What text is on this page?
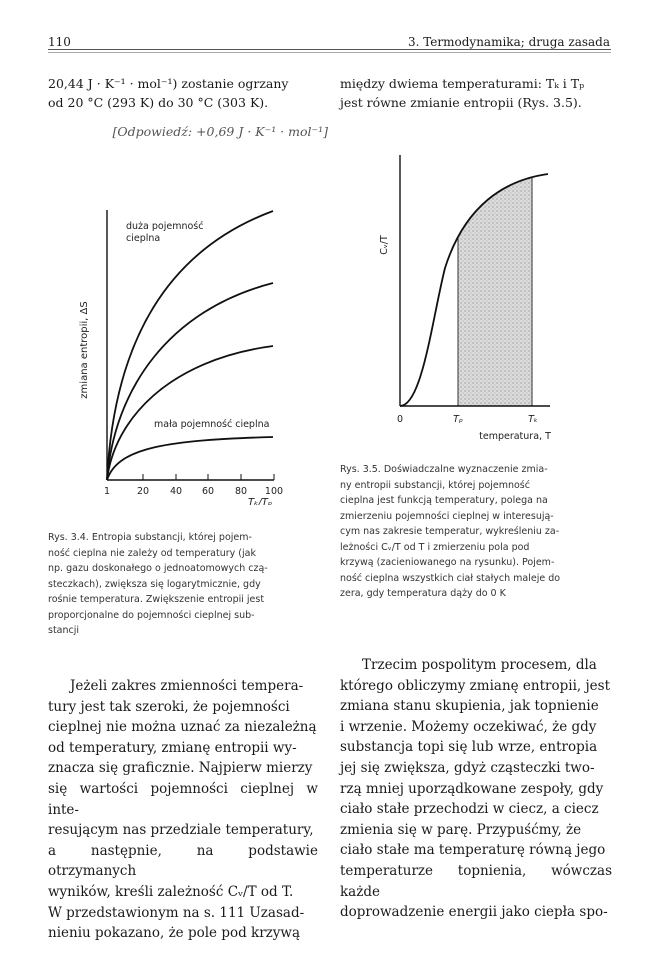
110	3. Termodynamika; druga zasada
20,44 J · K⁻¹ · mol⁻¹) zostanie ogrzany
od 20 °C (293 K) do 30 °C (303 K).
[Odpowiedź: +0,69 J · K⁻¹ · mol⁻¹]
między dwiema temperaturami: Tₖ i Tₚ
jest równe zmianie entropii (Rys. 3.5).
duża pojemność
cieplna
mała pojemność cieplna
zmiana entropii, ΔS
1	20 40 60 80 100
Tₖ/Tₚ
Rys. 3.4. Entropia substancji, której pojem-
ność cieplna nie zależy od temperatury (jak
np. gazu doskonałego o jednoatomowych czą-
steczkach), zwiększa się logarytmicznie, gdy
rośnie temperatura. Zwiększenie entropii jest
proporcjonalne do pojemności cieplnej sub-
stancji
Cᵥ/T
0	Tₚ	Tₖ
temperatura, T
Rys. 3.5. Doświadczalne wyznaczenie zmia-
ny entropii substancji, której pojemność
cieplna jest funkcją temperatury, polega na
zmierzeniu pojemności cieplnej w interesują-
cym nas zakresie temperatur, wykreśleniu za-
leżności Cᵥ/T od T i zmierzeniu pola pod
krzywą (zacieniowanego na rysunku). Pojem-
ność cieplna wszystkich ciał stałych maleje do
zera, gdy temperatura dąży do 0 K

Jeżeli zakres zmienności tempera-

tury jest tak szeroki, że pojemności

cieplnej nie można uznać za niezależną

od temperatury, zmianę entropii wy-

znacza się graficznie. Najpierw mierzy

się wartości pojemności cieplnej w inte-

resującym nas przedziale temperatury,

a następnie, na podstawie otrzymanych

wyników, kreśli zależność Cᵥ/T od T.

W przedstawionym na s. 111 Uzasad-

nieniu pokazano, że pole pod krzywą

Trzecim pospolitym procesem, dla

którego obliczymy zmianę entropii, jest

zmiana stanu skupienia, jak topnienie

i wrzenie. Możemy oczekiwać, że gdy

substancja topi się lub wrze, entropia

jej się zwiększa, gdyż cząsteczki two-

rzą mniej uporządkowane zespoły, gdy

ciało stałe przechodzi w ciecz, a ciecz

zmienia się w parę. Przypuśćmy, że

ciało stałe ma temperaturę równą jego

temperaturze topnienia, wówczas każde

doprowadzenie energii jako ciepła spo-
